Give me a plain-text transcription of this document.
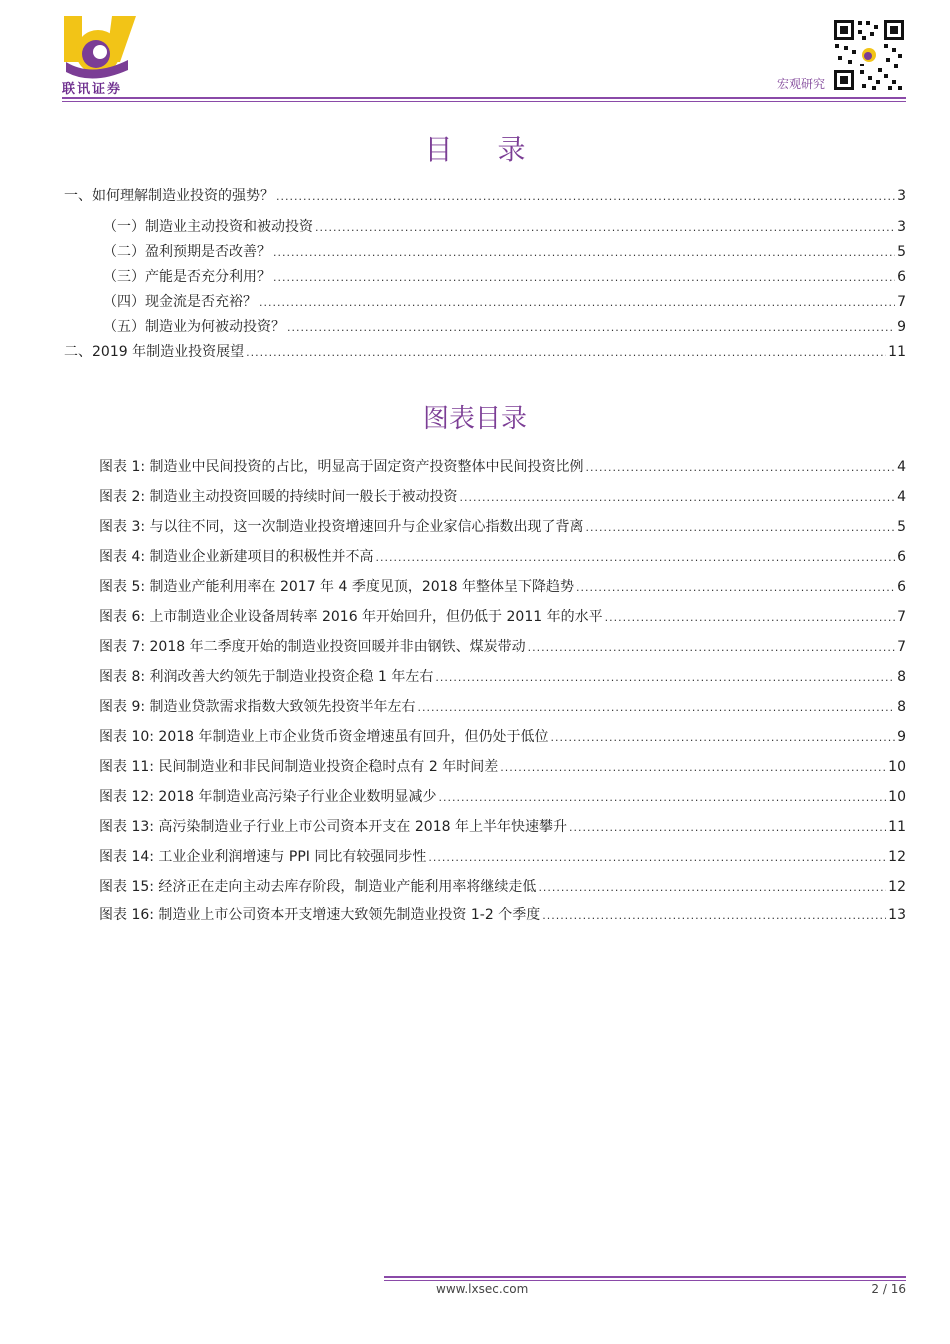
联讯证券	宏观研究
目 录
一、如何理解制造业投资的强势？ .....	3
（一）制造业主动投资和被动投资 .....	3
（二）盈利预期是否改善？ .....	5
（三）产能是否充分利用？ .....	6
（四）现金流是否充裕？ .....	7
（五）制造业为何被动投资？ .....	9
二、2019 年制造业投资展望 .....	11
图表目录
图表 1: 制造业中民间投资的占比，明显高于固定资产投资整体中民间投资比例 .....	4
图表 2: 制造业主动投资回暖的持续时间一般长于被动投资 .....	4
图表 3: 与以往不同，这一次制造业投资增速回升与企业家信心指数出现了背离 .....	5
图表 4: 制造业企业新建项目的积极性并不高 .....	6
图表 5: 制造业产能利用率在 2017 年 4 季度见顶，2018 年整体呈下降趋势 .....	6
图表 6: 上市制造业企业设备周转率 2016 年开始回升，但仍低于 2011 年的水平 .....	7
图表 7: 2018 年二季度开始的制造业投资回暖并非由钢铁、煤炭带动 .....	7
图表 8: 利润改善大约领先于制造业投资企稳 1 年左右 .....	8
图表 9: 制造业贷款需求指数大致领先投资半年左右 .....	8
图表 10: 2018 年制造业上市企业货币资金增速虽有回升，但仍处于低位 .....	9
图表 11: 民间制造业和非民间制造业投资企稳时点有 2 年时间差 .....	10
图表 12: 2018 年制造业高污染子行业企业数明显减少 .....	10
图表 13: 高污染制造业子行业上市公司资本开支在 2018 年上半年快速攀升 .....	11
图表 14: 工业企业利润增速与 PPI 同比有较强同步性 .....	12
图表 15: 经济正在走向主动去库存阶段，制造业产能利用率将继续走低 .....	12
图表 16: 制造业上市公司资本开支增速大致领先制造业投资 1-2 个季度 .....	13
www.lxsec.com	2 / 16
